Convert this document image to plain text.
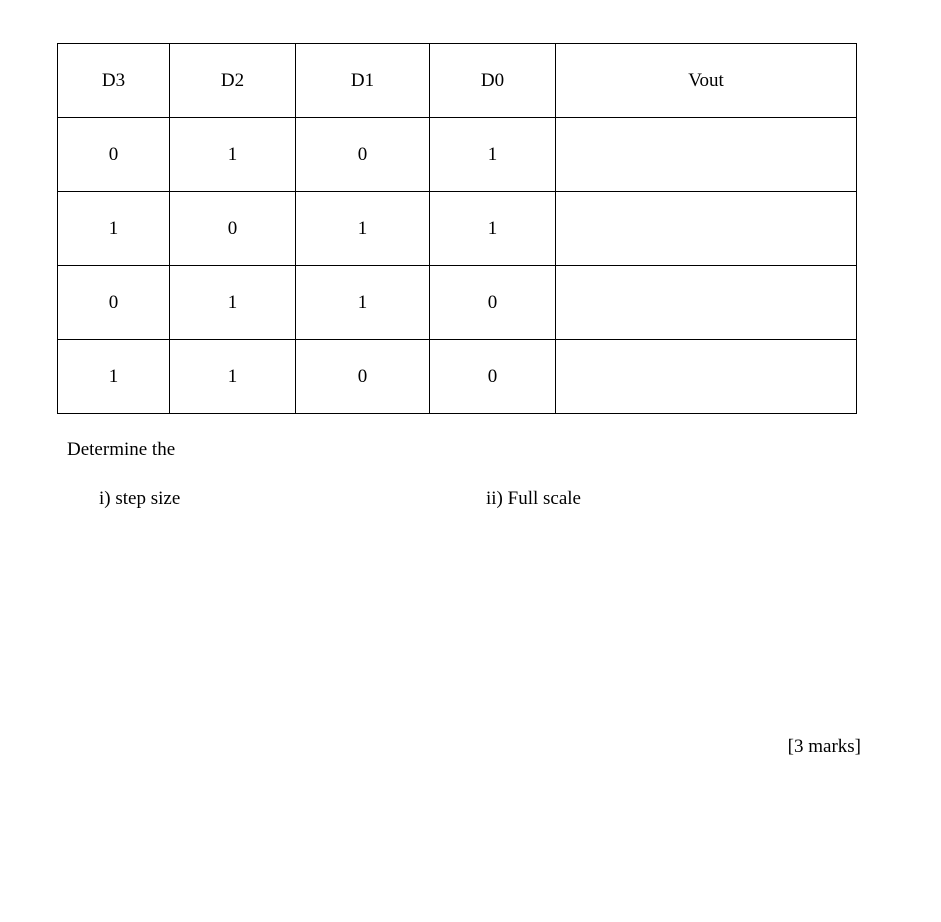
D3	D2	D1	D0	Vout
0	1	0	1	
1	0	1	1	
0	1	1	0	
1	1	0	0	

Determine the

i) step size	ii) Full scale

[3 marks]
